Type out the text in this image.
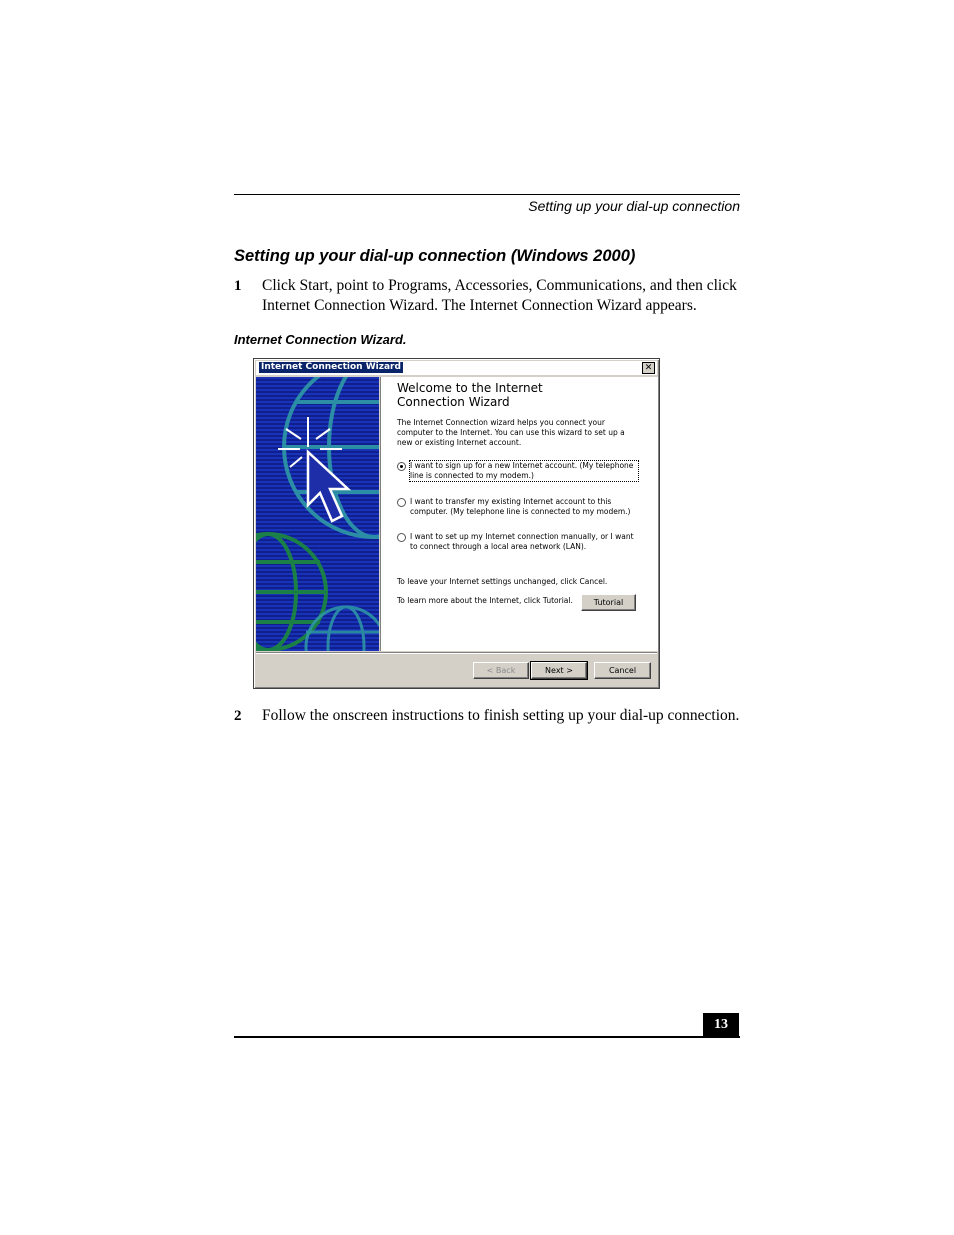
Setting up your dial-up connection
Setting up your dial-up connection (Windows 2000)
1 Click Start, point to Programs, Accessories, Communications, and then click Internet Connection Wizard. The Internet Connection Wizard appears.
Internet Connection Wizard.
Internet Connection Wizard	✕
Welcome to the Internet
Connection Wizard
The Internet Connection wizard helps you connect your computer to the Internet. You can use this wizard to set up a new or existing Internet account.
I want to sign up for a new Internet account. (My telephone line is connected to my modem.)
I want to transfer my existing Internet account to this computer. (My telephone line is connected to my modem.)
I want to set up my Internet connection manually, or I want to connect through a local area network (LAN).
To leave your Internet settings unchanged, click Cancel.
To learn more about the Internet, click Tutorial.	Tutorial
< Back	Next >	Cancel
2 Follow the onscreen instructions to finish setting up your dial-up connection.
13
